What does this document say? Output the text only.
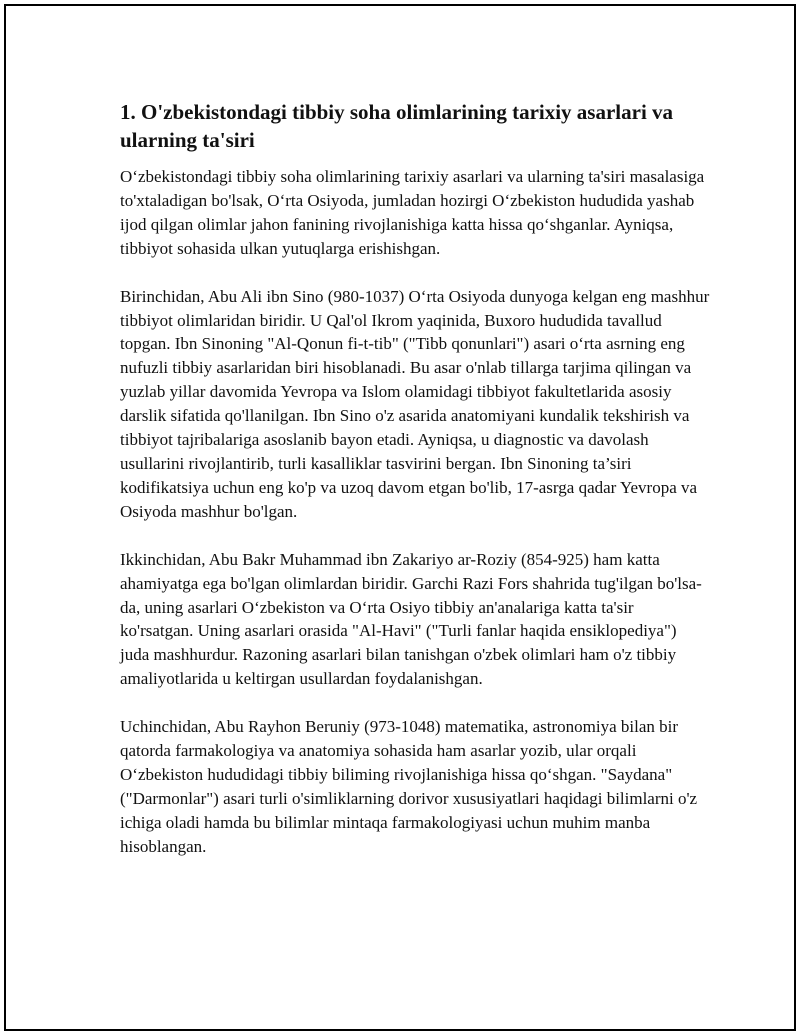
1. O'zbekistondagi tibbiy soha olimlarining tarixiy asarlari va ularning ta'siri

O‘zbekistondagi tibbiy soha olimlarining tarixiy asarlari va ularning ta'siri masalasiga to'xtaladigan bo'lsak, O‘rta Osiyoda, jumladan hozirgi O‘zbekiston hududida yashab ijod qilgan olimlar jahon fanining rivojlanishiga katta hissa qo‘shganlar. Ayniqsa, tibbiyot sohasida ulkan yutuqlarga erishishgan.

Birinchidan, Abu Ali ibn Sino (980-1037) O‘rta Osiyoda dunyoga kelgan eng mashhur tibbiyot olimlaridan biridir. U Qal'ol Ikrom yaqinida, Buxoro hududida tavallud topgan. Ibn Sinoning "Al-Qonun fi-t-tib" ("Tibb qonunlari") asari o‘rta asrning eng nufuzli tibbiy asarlaridan biri hisoblanadi. Bu asar o'nlab tillarga tarjima qilingan va yuzlab yillar davomida Yevropa va Islom olamidagi tibbiyot fakultetlarida asosiy darslik sifatida qo'llanilgan. Ibn Sino o'z asarida anatomiyani kundalik tekshirish va tibbiyot tajribalariga asoslanib bayon etadi. Ayniqsa, u diagnostic va davolash usullarini rivojlantirib, turli kasalliklar tasvirini bergan. Ibn Sinoning ta’siri kodifikatsiya uchun eng ko'p va uzoq davom etgan bo'lib, 17-asrga qadar Yevropa va Osiyoda mashhur bo'lgan.

Ikkinchidan, Abu Bakr Muhammad ibn Zakariyo ar-Roziy (854-925) ham katta ahamiyatga ega bo'lgan olimlardan biridir. Garchi Razi Fors shahrida tug'ilgan bo'lsa-da, uning asarlari O‘zbekiston va O‘rta Osiyo tibbiy an'analariga katta ta'sir ko'rsatgan. Uning asarlari orasida "Al-Havi" ("Turli fanlar haqida ensiklopediya") juda mashhurdur. Razoning asarlari bilan tanishgan o'zbek olimlari ham o'z tibbiy amaliyotlarida u keltirgan usullardan foydalanishgan.

Uchinchidan, Abu Rayhon Beruniy (973-1048) matematika, astronomiya bilan bir qatorda farmakologiya va anatomiya sohasida ham asarlar yozib, ular orqali O‘zbekiston hududidagi tibbiy biliming rivojlanishiga hissa qo‘shgan. "Saydana" ("Darmonlar") asari turli o'simliklarning dorivor xususiyatlari haqidagi bilimlarni o'z ichiga oladi hamda bu bilimlar mintaqa farmakologiyasi uchun muhim manba hisoblangan.
